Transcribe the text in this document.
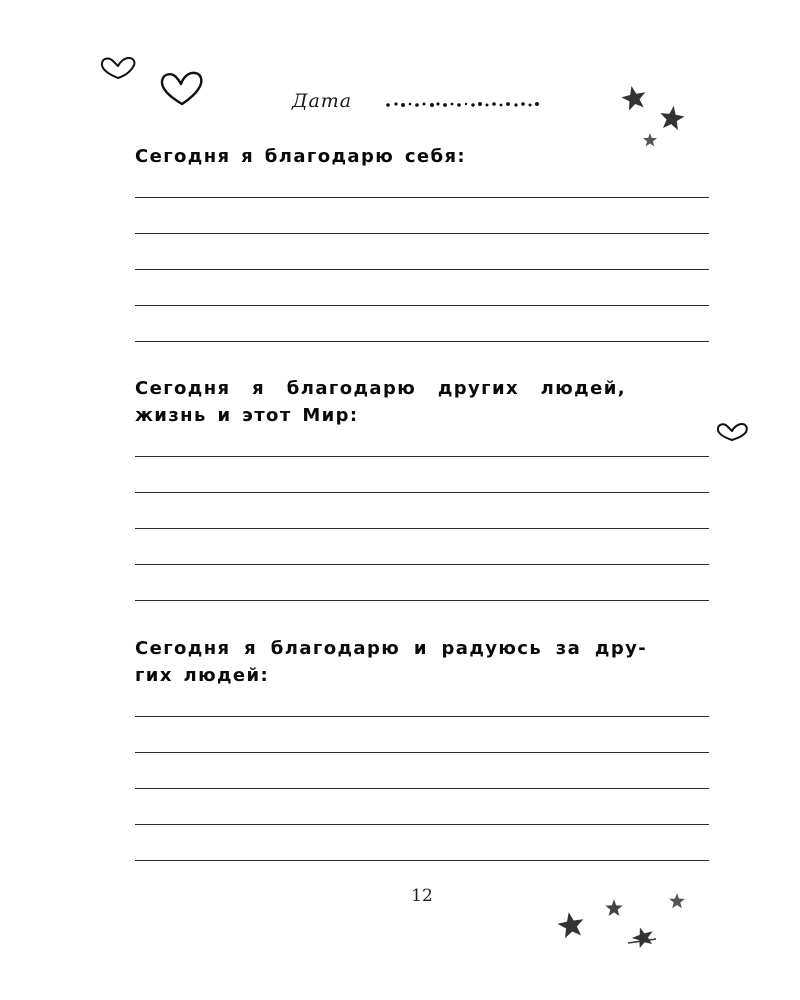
Дата
Сегодня я благодарю себя:
Сегодня я благодарю других людей,
жизнь и этот Мир:
Сегодня я благодарю и радуюсь за дру-
гих людей:
12
